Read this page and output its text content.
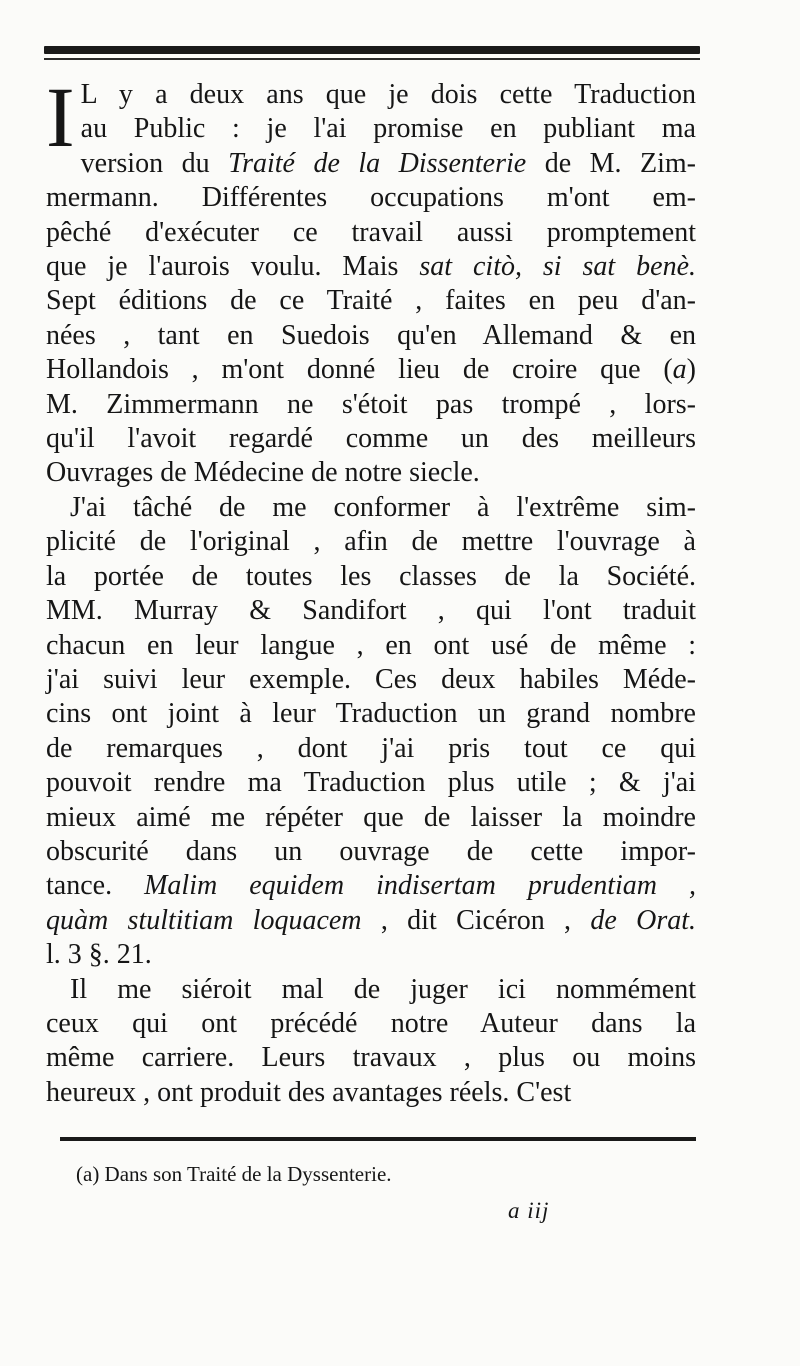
I L y a deux ans que je dois cette Traduction
au Public : je l'ai promise en publiant ma
version du Traité de la Dissenterie de M. Zim-
mermann. Différentes occupations m'ont em-
pêché d'exécuter ce travail aussi promptement
que je l'aurois voulu. Mais sat citò, si sat benè.
Sept éditions de ce Traité , faites en peu d'an-
nées , tant en Suedois qu'en Allemand & en
Hollandois , m'ont donné lieu de croire que (a)
M. Zimmermann ne s'étoit pas trompé , lors-
qu'il l'avoit regardé comme un des meilleurs
Ouvrages de Médecine de notre siecle.
J'ai tâché de me conformer à l'extrême sim-
plicité de l'original , afin de mettre l'ouvrage à
la portée de toutes les classes de la Société.
MM. Murray & Sandifort , qui l'ont traduit
chacun en leur langue , en ont usé de même :
j'ai suivi leur exemple. Ces deux habiles Méde-
cins ont joint à leur Traduction un grand nombre
de remarques , dont j'ai pris tout ce qui
pouvoit rendre ma Traduction plus utile ; & j'ai
mieux aimé me répéter que de laisser la moindre
obscurité dans un ouvrage de cette impor-
tance. Malim equidem indisertam prudentiam ,
quàm stultitiam loquacem , dit Cicéron , de Orat.
l. 3 §. 21.
Il me siéroit mal de juger ici nommément
ceux qui ont précédé notre Auteur dans la
même carriere. Leurs travaux , plus ou moins
heureux , ont produit des avantages réels. C'est
(a) Dans son Traité de la Dyssenterie.
a iij
